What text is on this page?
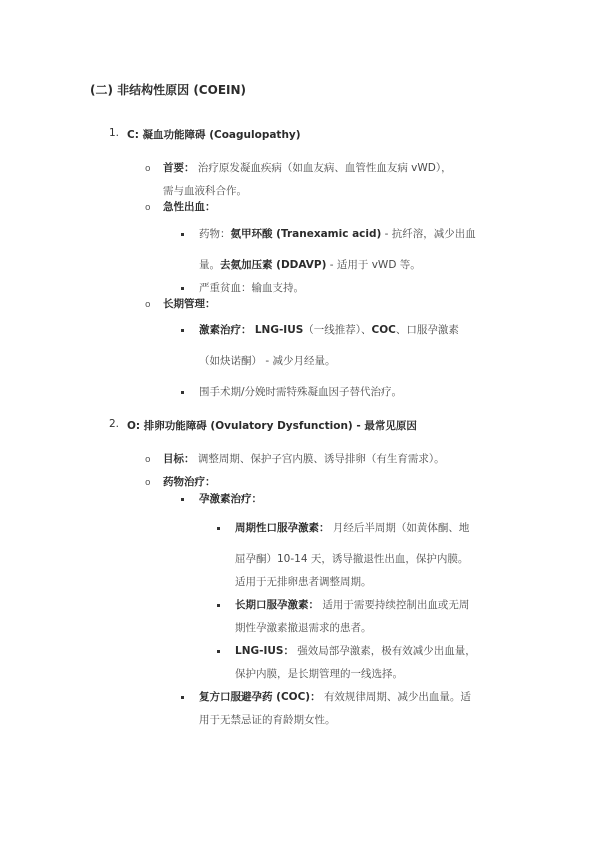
(二) 非结构性原因 (COEIN)
1. C: 凝血功能障碍 (Coagulopathy)
o 首要： 治疗原发凝血疾病（如血友病、血管性血友病 vWD），
需与血液科合作。
o 急性出血：
药物：氨甲环酸 (Tranexamic acid) - 抗纤溶，减少出血
量。去氨加压素 (DDAVP) - 适用于 vWD 等。
严重贫血：输血支持。
o 长期管理：
激素治疗： LNG-IUS（一线推荐）、COC、口服孕激素
（如炔诺酮） - 减少月经量。
围手术期/分娩时需特殊凝血因子替代治疗。
2. O: 排卵功能障碍 (Ovulatory Dysfunction) - 最常见原因
o 目标： 调整周期、保护子宫内膜、诱导排卵（有生育需求）。
o 药物治疗：
孕激素治疗：
周期性口服孕激素： 月经后半周期（如黄体酮、地
屈孕酮）10-14 天，诱导撤退性出血，保护内膜。
适用于无排卵患者调整周期。
长期口服孕激素： 适用于需要持续控制出血或无周
期性孕激素撤退需求的患者。
LNG-IUS： 强效局部孕激素，极有效减少出血量，
保护内膜，是长期管理的一线选择。
复方口服避孕药 (COC)： 有效规律周期、减少出血量。适
用于无禁忌证的育龄期女性。
